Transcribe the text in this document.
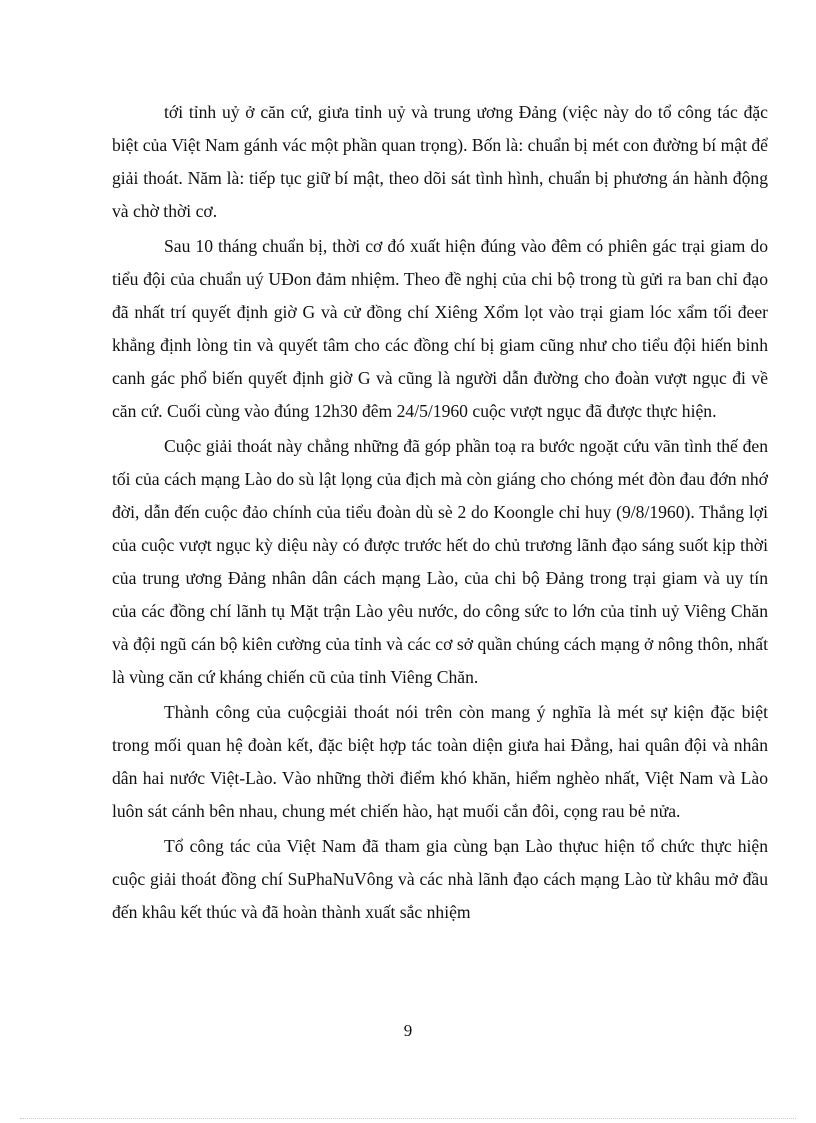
tới tỉnh uỷ ở căn cứ, giưa tỉnh uỷ và trung ương Đảng (việc này do tổ công tác đặc biệt của Việt Nam gánh vác một phần quan trọng). Bốn là: chuẩn bị mét con đường bí mật để giải thoát. Năm là: tiếp tục giữ bí mật, theo dõi sát tình hình, chuẩn bị phương án hành động và chờ thời cơ.

Sau 10 tháng chuẩn bị, thời cơ đó xuất hiện đúng vào đêm có phiên gác trại giam do tiểu đội của chuẩn uý UĐon đảm nhiệm. Theo đề nghị của chi bộ trong tù gửi ra ban chỉ đạo đã nhất trí quyết định giờ G và cử đồng chí Xiêng Xổm lọt vào trại giam lóc xẩm tối đeer khẳng định lòng tin và quyết tâm cho các đồng chí bị giam cũng như cho tiểu đội hiến binh canh gác phổ biến quyết định giờ G và cũng là người dẫn đường cho đoàn vượt ngục đi về căn cứ. Cuối cùng vào đúng 12h30 đêm 24/5/1960 cuộc vượt ngục đã được thực hiện.

Cuộc giải thoát này chẳng những đã góp phần toạ ra bước ngoặt cứu vãn tình thế đen tối của cách mạng Lào do sù lật lọng của địch mà còn giáng cho chóng mét đòn đau đớn nhớ đời, dẫn đến cuộc đảo chính của tiểu đoàn dù sè 2 do Koongle chỉ huy (9/8/1960). Thắng lợi của cuộc vượt ngục kỳ diệu này có được trước hết do chủ trương lãnh đạo sáng suốt kịp thời của trung ương Đảng nhân dân cách mạng Lào, của chi bộ Đảng trong trại giam và uy tín của các đồng chí lãnh tụ Mặt trận Lào yêu nước, do công sức to lớn của tỉnh uỷ Viêng Chăn và đội ngũ cán bộ kiên cường của tỉnh và các cơ sở quần chúng cách mạng ở nông thôn, nhất là vùng căn cứ kháng chiến cũ của tỉnh Viêng Chăn.

Thành công của cuộcgiải thoát nói trên còn mang ý nghĩa là mét sự kiện đặc biệt trong mối quan hệ đoàn kết, đặc biệt hợp tác toàn diện giưa hai Đẳng, hai quân đội và nhân dân hai nước Việt-Lào. Vào những thời điểm khó khăn, hiểm nghèo nhất, Việt Nam và Lào luôn sát cánh bên nhau, chung mét chiến hào, hạt muối cắn đôi, cọng rau bẻ nửa.

Tổ công tác của Việt Nam đã tham gia cùng bạn Lào thựuc hiện tổ chức thực hiện cuộc giải thoát đồng chí SuPhaNuVông và các nhà lãnh đạo cách mạng Lào từ khâu mở đầu đến khâu kết thúc và đã hoàn thành xuất sắc nhiệm

9
